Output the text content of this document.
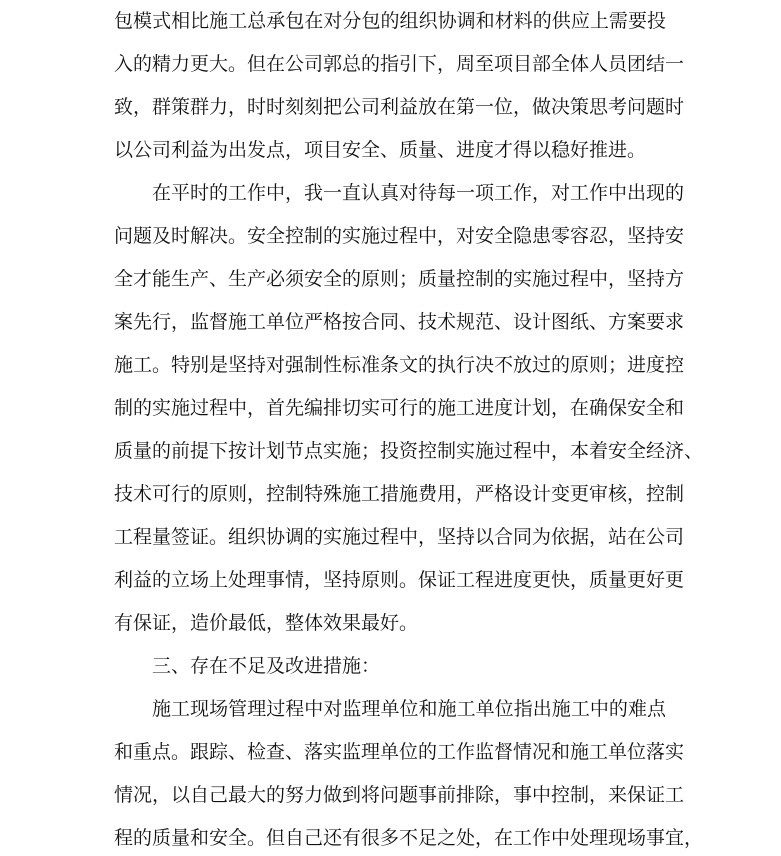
包模式相比施工总承包在对分包的组织协调和材料的供应上需要投
入的精力更大。但在公司郭总的指引下，周至项目部全体人员团结一
致，群策群力，时时刻刻把公司利益放在第一位，做决策思考问题时
以公司利益为出发点，项目安全、质量、进度才得以稳好推进。
在平时的工作中，我一直认真对待每一项工作，对工作中出现的
问题及时解决。安全控制的实施过程中，对安全隐患零容忍，坚持安
全才能生产、生产必须安全的原则；质量控制的实施过程中，坚持方
案先行，监督施工单位严格按合同、技术规范、设计图纸、方案要求
施工。特别是坚持对强制性标准条文的执行决不放过的原则；进度控
制的实施过程中，首先编排切实可行的施工进度计划，在确保安全和
质量的前提下按计划节点实施；投资控制实施过程中，本着安全经济、
技术可行的原则，控制特殊施工措施费用，严格设计变更审核，控制
工程量签证。组织协调的实施过程中，坚持以合同为依据，站在公司
利益的立场上处理事情，坚持原则。保证工程进度更快，质量更好更
有保证，造价最低，整体效果最好。
三、存在不足及改进措施：
施工现场管理过程中对监理单位和施工单位指出施工中的难点
和重点。跟踪、检查、落实监理单位的工作监督情况和施工单位落实
情况，以自己最大的努力做到将问题事前排除，事中控制，来保证工
程的质量和安全。但自己还有很多不足之处，在工作中处理现场事宜，
